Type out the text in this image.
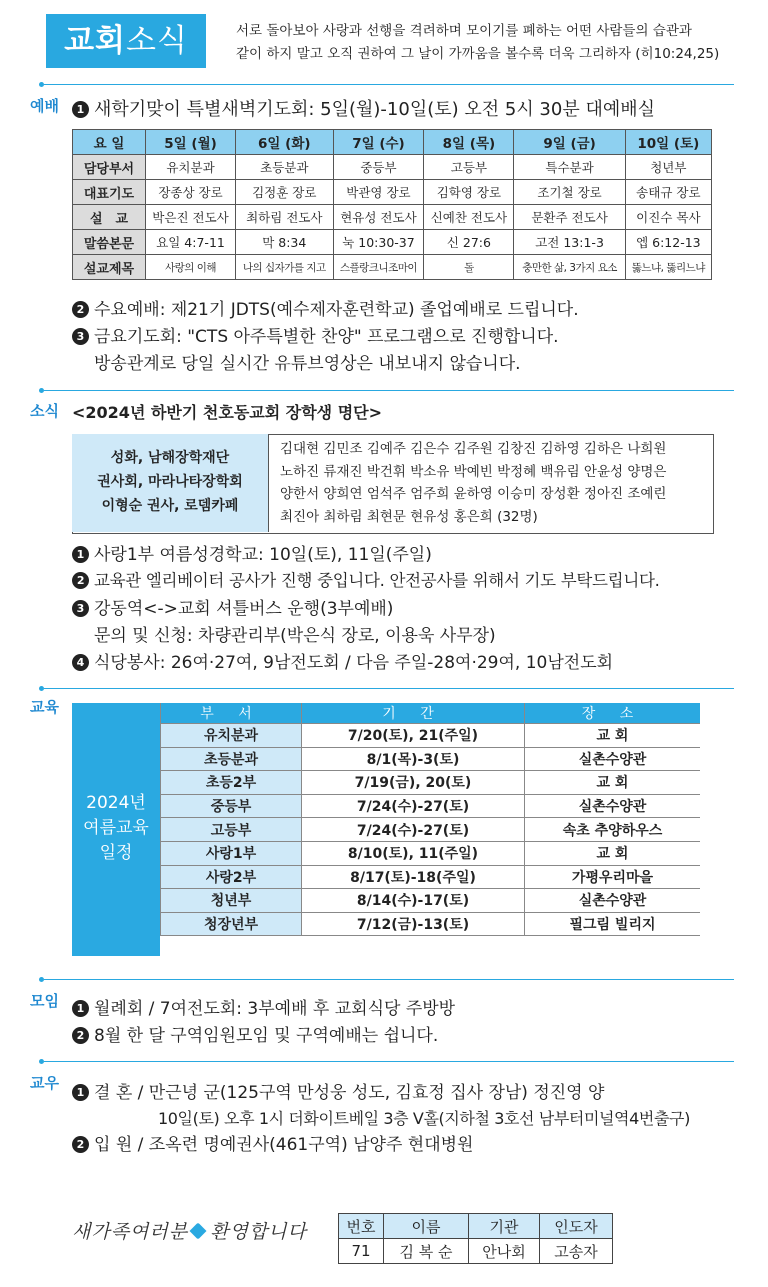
교회소식	서로 돌아보아 사랑과 선행을 격려하며 모이기를 폐하는 어떤 사람들의 습관과
같이 하지 말고 오직 권하여 그 날이 가까움을 볼수록 더욱 그리하자 (히10:24,25)
예배	1 새학기맞이 특별새벽기도회: 5일(월)-10일(토) 오전 5시 30분 대예배실
요 일	5일 (월)	6일 (화)	7일 (수)	8일 (목)	9일 (금)	10일 (토)
담당부서	유치분과	초등분과	중등부	고등부	특수분과	청년부
대표기도	장종상 장로	김정훈 장로	박관영 장로	김학영 장로	조기철 장로	송태규 장로
설　교	박은진 전도사	최하림 전도사	현유성 전도사	신예찬 전도사	문환주 전도사	이진수 목사
말씀본문	요일 4:7-11	막 8:34	눅 10:30-37	신 27:6	고전 13:1-3	엡 6:12-13
설교제목	사랑의 이해	나의 십자가를 지고	스플랑크니조마이	돌	충만한 삶, 3가지 요소	뚫느냐, 뚫리느냐
2 수요예배: 제21기 JDTS(예수제자훈련학교) 졸업예배로 드립니다.
3 금요기도회: "CTS 아주특별한 찬양" 프로그램으로 진행합니다.
방송관계로 당일 실시간 유튜브영상은 내보내지 않습니다.
소식 <2024년 하반기 천호동교회 장학생 명단>
성화, 남해장학재단
권사회, 마라나타장학회
이형순 권사, 로뎀카페
김대현 김민조 김예주 김은수 김주원 김창진 김하영 김하은 나희원
노하진 류재진 박건휘 박소유 박예빈 박정혜 백유림 안윤성 양명은
양한서 양희연 엄석주 엄주희 윤하영 이승미 장성환 정아진 조예린
최진아 최하림 최현문 현유성 홍은희 (32명)
1 사랑1부 여름성경학교: 10일(토), 11일(주일)
2 교육관 엘리베이터 공사가 진행 중입니다. 안전공사를 위해서 기도 부탁드립니다.
3 강동역<->교회 셔틀버스 운행(3부예배)
문의 및 신청: 차량관리부(박은식 장로, 이용욱 사무장)
4 식당봉사: 26여·27여, 9남전도회 / 다음 주일-28여·29여, 10남전도회
교육
2024년
여름교육
일정
부 서	기 간	장 소
유치분과	7/20(토), 21(주일)	교 회
초등분과	8/1(목)-3(토)	실촌수양관
초등2부	7/19(금), 20(토)	교 회
중등부	7/24(수)-27(토)	실촌수양관
고등부	7/24(수)-27(토)	속초 추양하우스
사랑1부	8/10(토), 11(주일)	교 회
사랑2부	8/17(토)-18(주일)	가평우리마을
청년부	8/14(수)-17(토)	실촌수양관
청장년부	7/12(금)-13(토)	필그림 빌리지
모임	1 월례회 / 7여전도회: 3부예배 후 교회식당 주방방
2 8월 한 달 구역임원모임 및 구역예배는 쉽니다.
교우
1 결 혼 / 만근녕 군(125구역 만성웅 성도, 김효정 집사 장남) 정진영 양
10일(토) 오후 1시 더화이트베일 3층 V홀(지하철 3호선 남부터미널역4번출구)
2 입 원 / 조옥련 명예권사(461구역) 남양주 현대병원
새가족여러분 환영합니다	번호	이름	기관	인도자
71	김 복 순	안나회	고송자
